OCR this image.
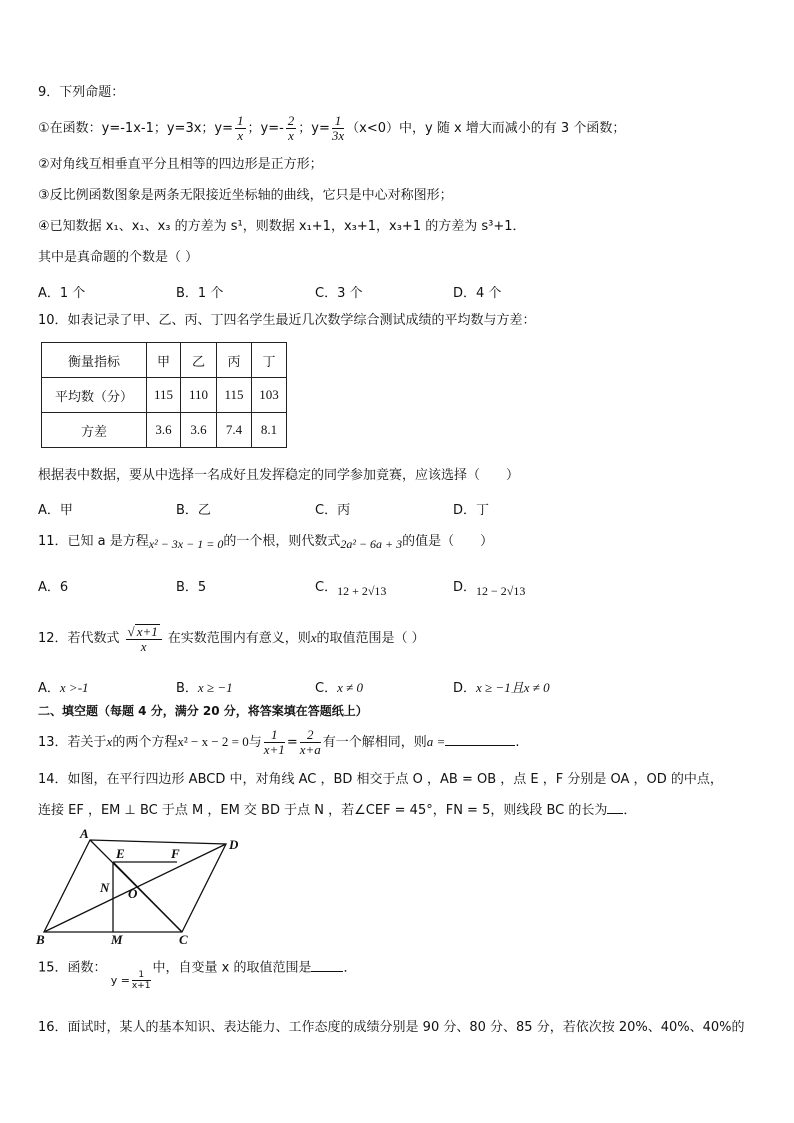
9．下列命题：
①在函数：y=-1x-1；y=3x；$y= \frac{1}{x}$ ；$y=- \frac{2}{x}$ ；$y= \frac{1}{3x} (x<0)$中，y 随 x 增大而减小的有 3 个函数；
②对角线互相垂直平分且相等的四边形是正方形；
③反比例函数图象是两条无限接近坐标轴的曲线，它只是中心对称图形；
④已知数据 x₁、x₁、x₃ 的方差为 s¹，则数据 x₁+1，x₃+1，x₃+1 的方差为 s³+1．
其中是真命题的个数是（ ）
A．1 个	B．1 个	C．3 个	D．4 个
10．如表记录了甲、乙、丙、丁四名学生最近几次数学综合测试成绩的平均数与方差：
衡量指标	甲	乙	丙	丁
平均数（分）	115	110	115	103
方差	3.6	3.6	7.4	8.1
根据表中数据，要从中选择一名成好且发挥稳定的同学参加竟赛，应该选择（　　）
A．甲	B．乙	C．丙	D．丁
11．已知 a 是方程x² − 3x − 1 = 0的一个根，则代数式2a² − 6a + 3的值是（　　）
A．6	B．5	C．12 + 2√13	D．12 − 2√13
12．若代数式 $\frac{√ x+1}{x}$ 在实数范围内有意义，则x的取值范围是（ ）
A．x >-1	B．x ≥ −1	C．x ≠ 0	D．x ≥ −1且x ≠ 0
二、填空题（每题 4 分，满分 20 分，将答案填在答题纸上）
13．若关于x的两个方程x² − x − 2 = 0与 $\frac{1}{x+1} = \frac{2}{x+a}$ 有一个解相同，则a =	.
14．如图，在平行四边形 ABCD 中，对角线 AC ，BD 相交于点 O ，AB = OB ，点 E ，F 分别是 OA ，OD 的中点，
连接 EF ，EM ⊥ BC 于点 M ，EM 交 BD 于点 N ，若∠CEF = 45°，FN = 5，则线段 BC 的长为 ．
A
D
B	C
E	F
M
N O
15．函数： $_{y = \frac{1}{x+1}}$
中，自变量 x 的取值范围是 ．
16．面试时，某人的基本知识、表达能力、工作态度的成绩分别是 90 分、80 分、85 分，若依次按 20%、40%、40%的
